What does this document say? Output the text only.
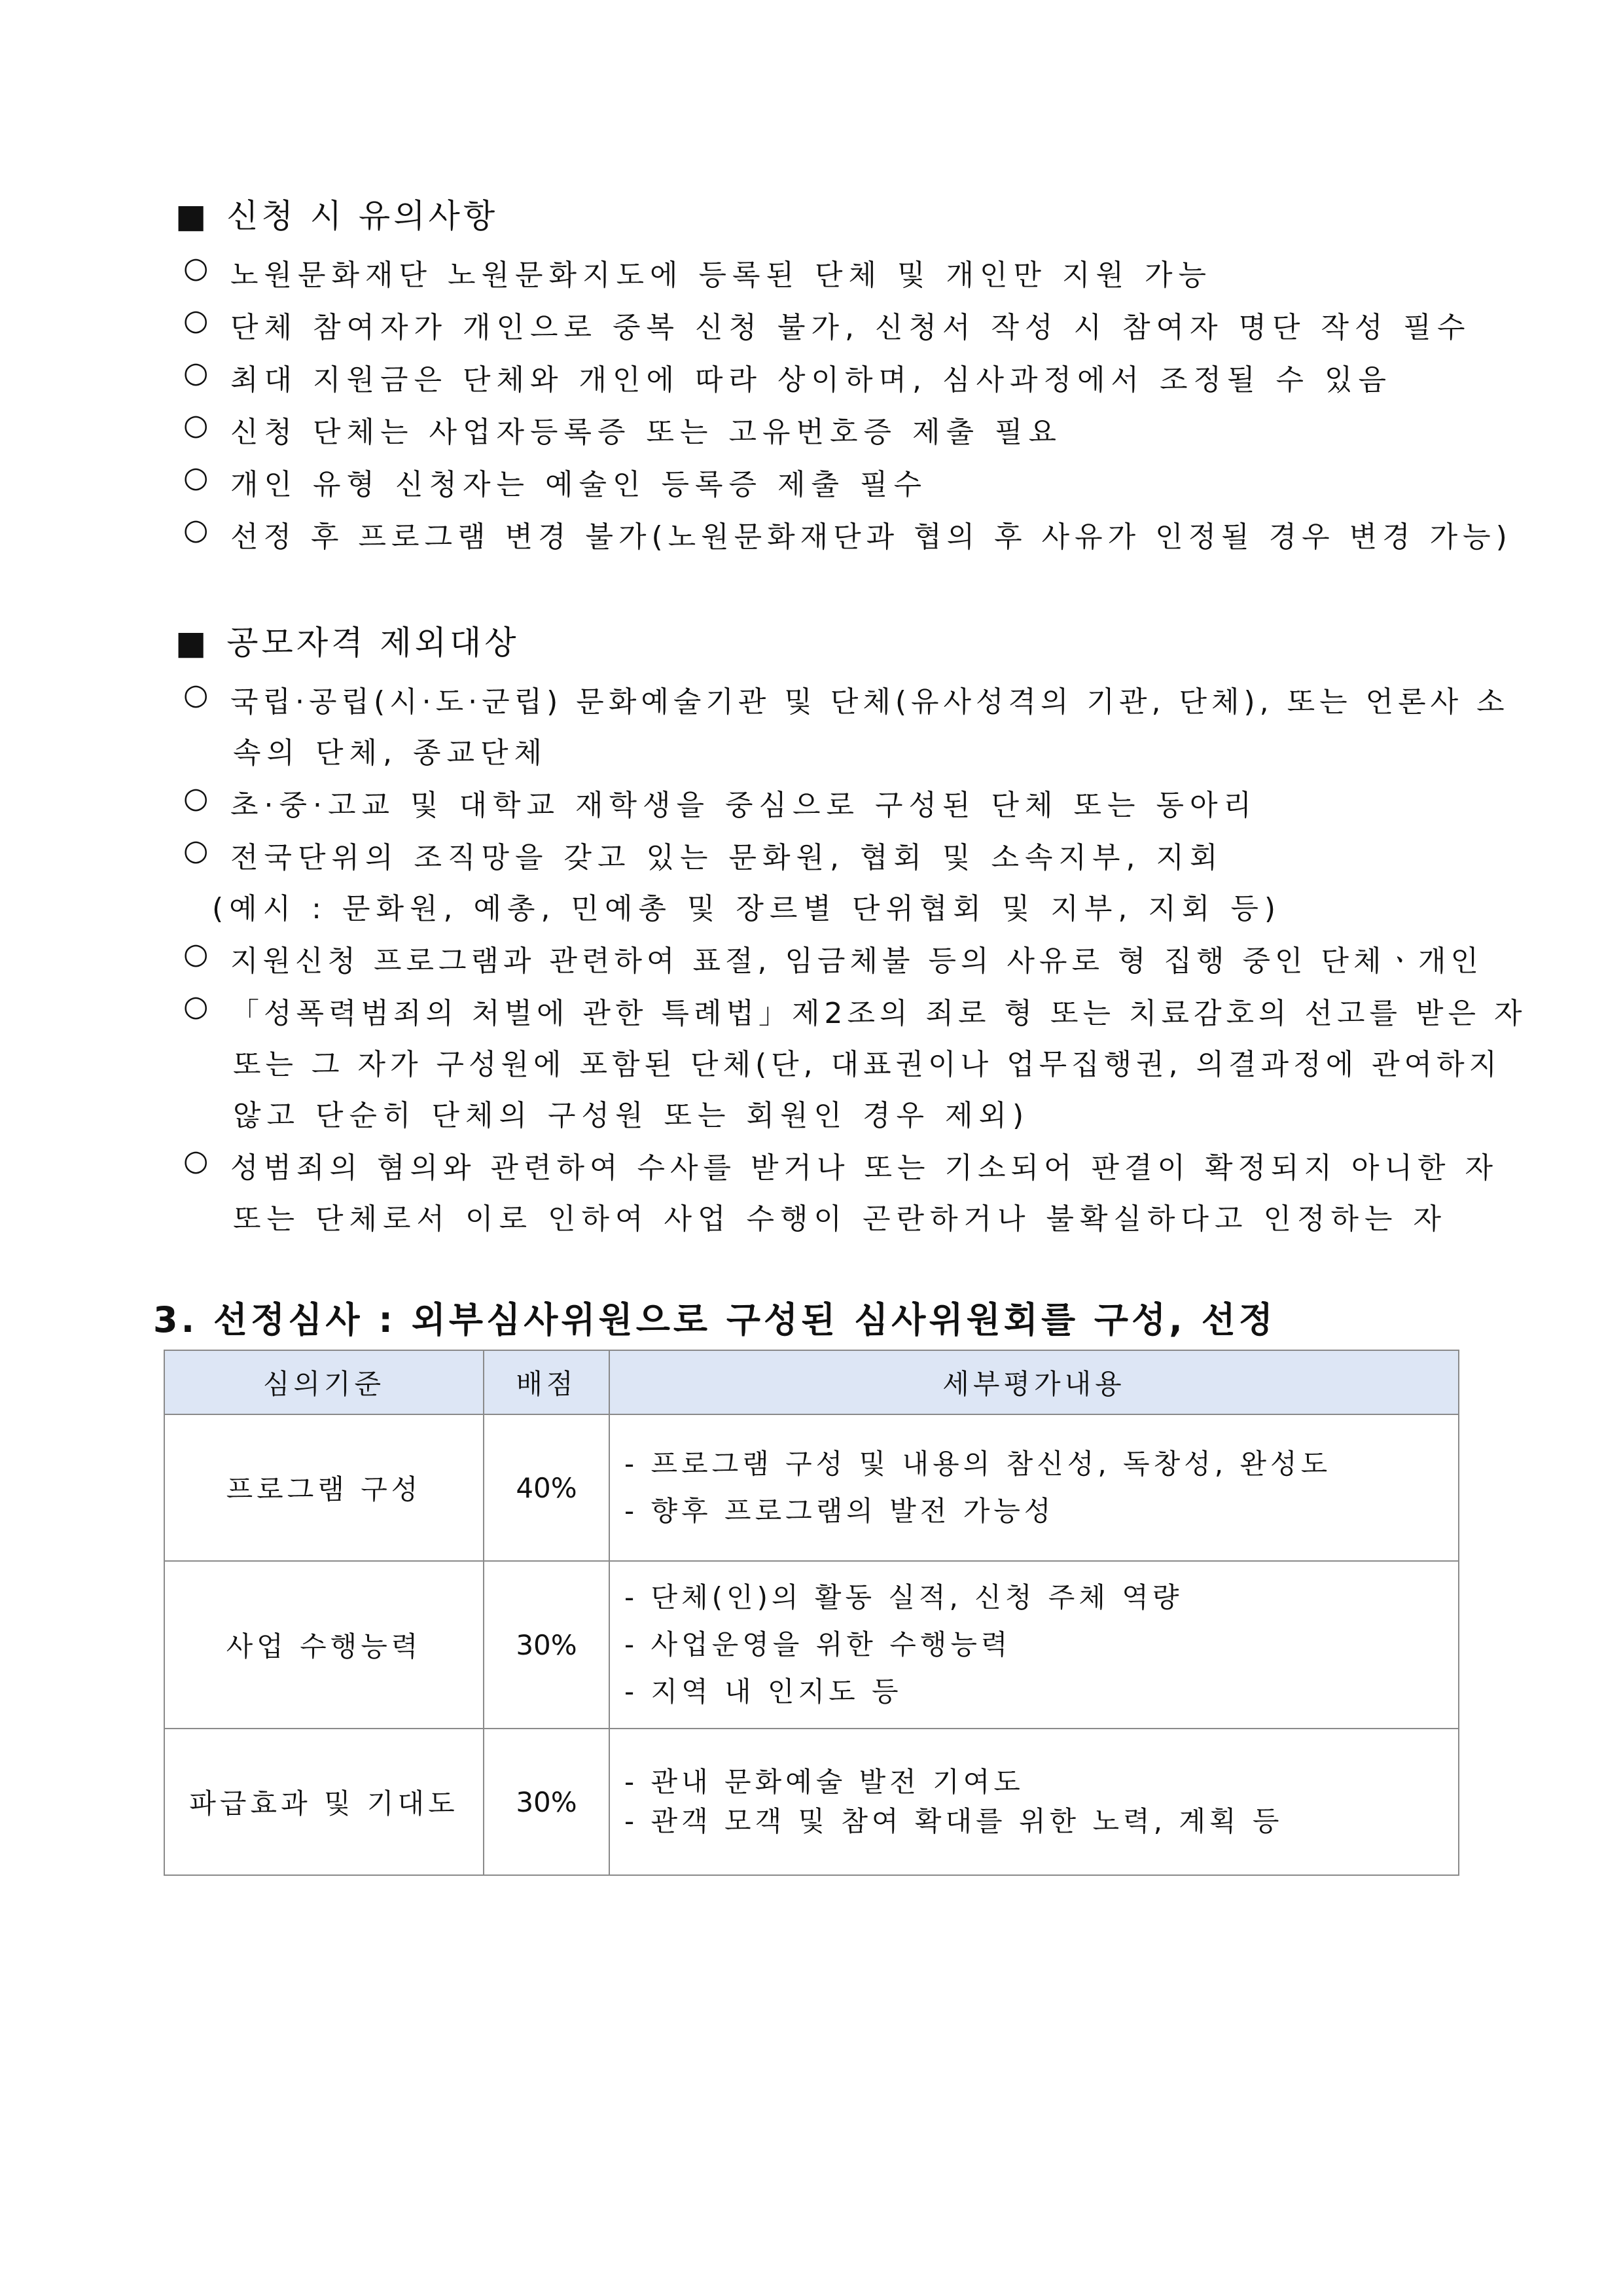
■ 신청 시 유의사항
○ 노원문화재단 노원문화지도에 등록된 단체 및 개인만 지원 가능
○ 단체 참여자가 개인으로 중복 신청 불가, 신청서 작성 시 참여자 명단 작성 필수
○ 최대 지원금은 단체와 개인에 따라 상이하며, 심사과정에서 조정될 수 있음
○ 신청 단체는 사업자등록증 또는 고유번호증 제출 필요
○ 개인 유형 신청자는 예술인 등록증 제출 필수
○ 선정 후 프로그램 변경 불가(노원문화재단과 협의 후 사유가 인정될 경우 변경 가능)
■ 공모자격 제외대상
○ 국립·공립(시·도·군립) 문화예술기관 및 단체(유사성격의 기관, 단체), 또는 언론사 소
속의 단체, 종교단체
○ 초·중·고교 및 대학교 재학생을 중심으로 구성된 단체 또는 동아리
○ 전국단위의 조직망을 갖고 있는 문화원, 협회 및 소속지부, 지회
(예시 : 문화원, 예총, 민예총 및 장르별 단위협회 및 지부, 지회 등)
○ 지원신청 프로그램과 관련하여 표절, 임금체불 등의 사유로 형 집행 중인 단체ㆍ개인
○ 「성폭력범죄의 처벌에 관한 특례법」제2조의 죄로 형 또는 치료감호의 선고를 받은 자
또는 그 자가 구성원에 포함된 단체(단, 대표권이나 업무집행권, 의결과정에 관여하지
않고 단순히 단체의 구성원 또는 회원인 경우 제외)
○ 성범죄의 혐의와 관련하여 수사를 받거나 또는 기소되어 판결이 확정되지 아니한 자
또는 단체로서 이로 인하여 사업 수행이 곤란하거나 불확실하다고 인정하는 자
3. 선정심사 : 외부심사위원으로 구성된 심사위원회를 구성, 선정
심의기준	배점	세부평가내용
프로그램 구성	40%	- 프로그램 구성 및 내용의 참신성, 독창성, 완성도
- 향후 프로그램의 발전 가능성

사업 수행능력	30%	- 단체(인)의 활동 실적, 신청 주체 역량
- 사업운영을 위한 수행능력
- 지역 내 인지도 등

파급효과 및 기대도	30%	- 관내 문화예술 발전 기여도
- 관객 모객 및 참여 확대를 위한 노력, 계획 등
